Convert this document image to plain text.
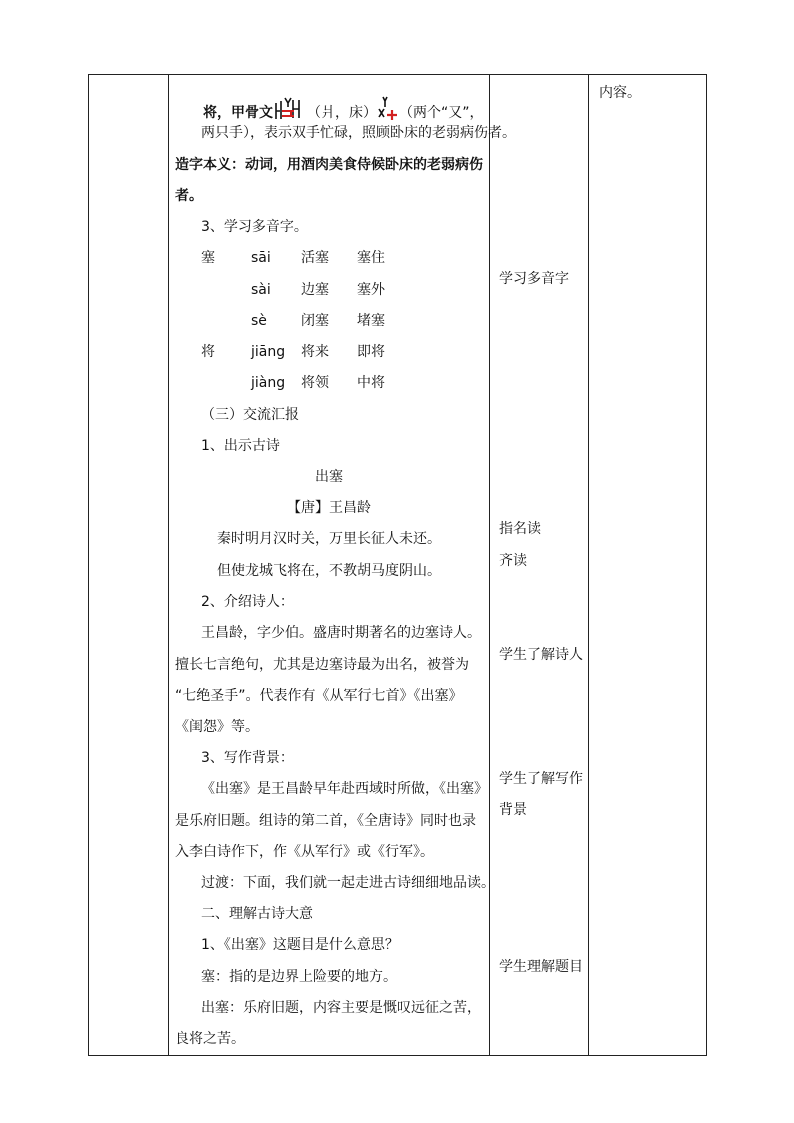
将，甲骨文 （爿，床） （两个“又”，
两只手），表示双手忙碌，照顾卧床的老弱病伤者。
造字本义：动词，用酒肉美食侍候卧床的老弱病伤
者。
3、学习多音字。
塞	sāi 活塞 塞住
sài 边塞 塞外
sè 闭塞 堵塞
将	jiāng 将来 即将
jiàng 将领 中将
（三）交流汇报
1、出示古诗
出塞
【唐】王昌龄
秦时明月汉时关，万里长征人未还。
但使龙城飞将在，不教胡马度阴山。
2、介绍诗人：
王昌龄，字少伯。盛唐时期著名的边塞诗人。
擅长七言绝句，尤其是边塞诗最为出名，被誉为
“七绝圣手”。代表作有《从军行七首》《出塞》
《闺怨》等。
3、写作背景：
《出塞》是王昌龄早年赴西域时所做，《出塞》
是乐府旧题。组诗的第二首，《全唐诗》同时也录
入李白诗作下，作《从军行》或《行军》。
过渡：下面，我们就一起走进古诗细细地品读。
二、理解古诗大意
1、《出塞》这题目是什么意思？
塞：指的是边界上险要的地方。
出塞：乐府旧题，内容主要是慨叹远征之苦，
良将之苦。
学习多音字
指名读
齐读
学生了解诗人
学生了解写作
背景
学生理解题目
内容。
